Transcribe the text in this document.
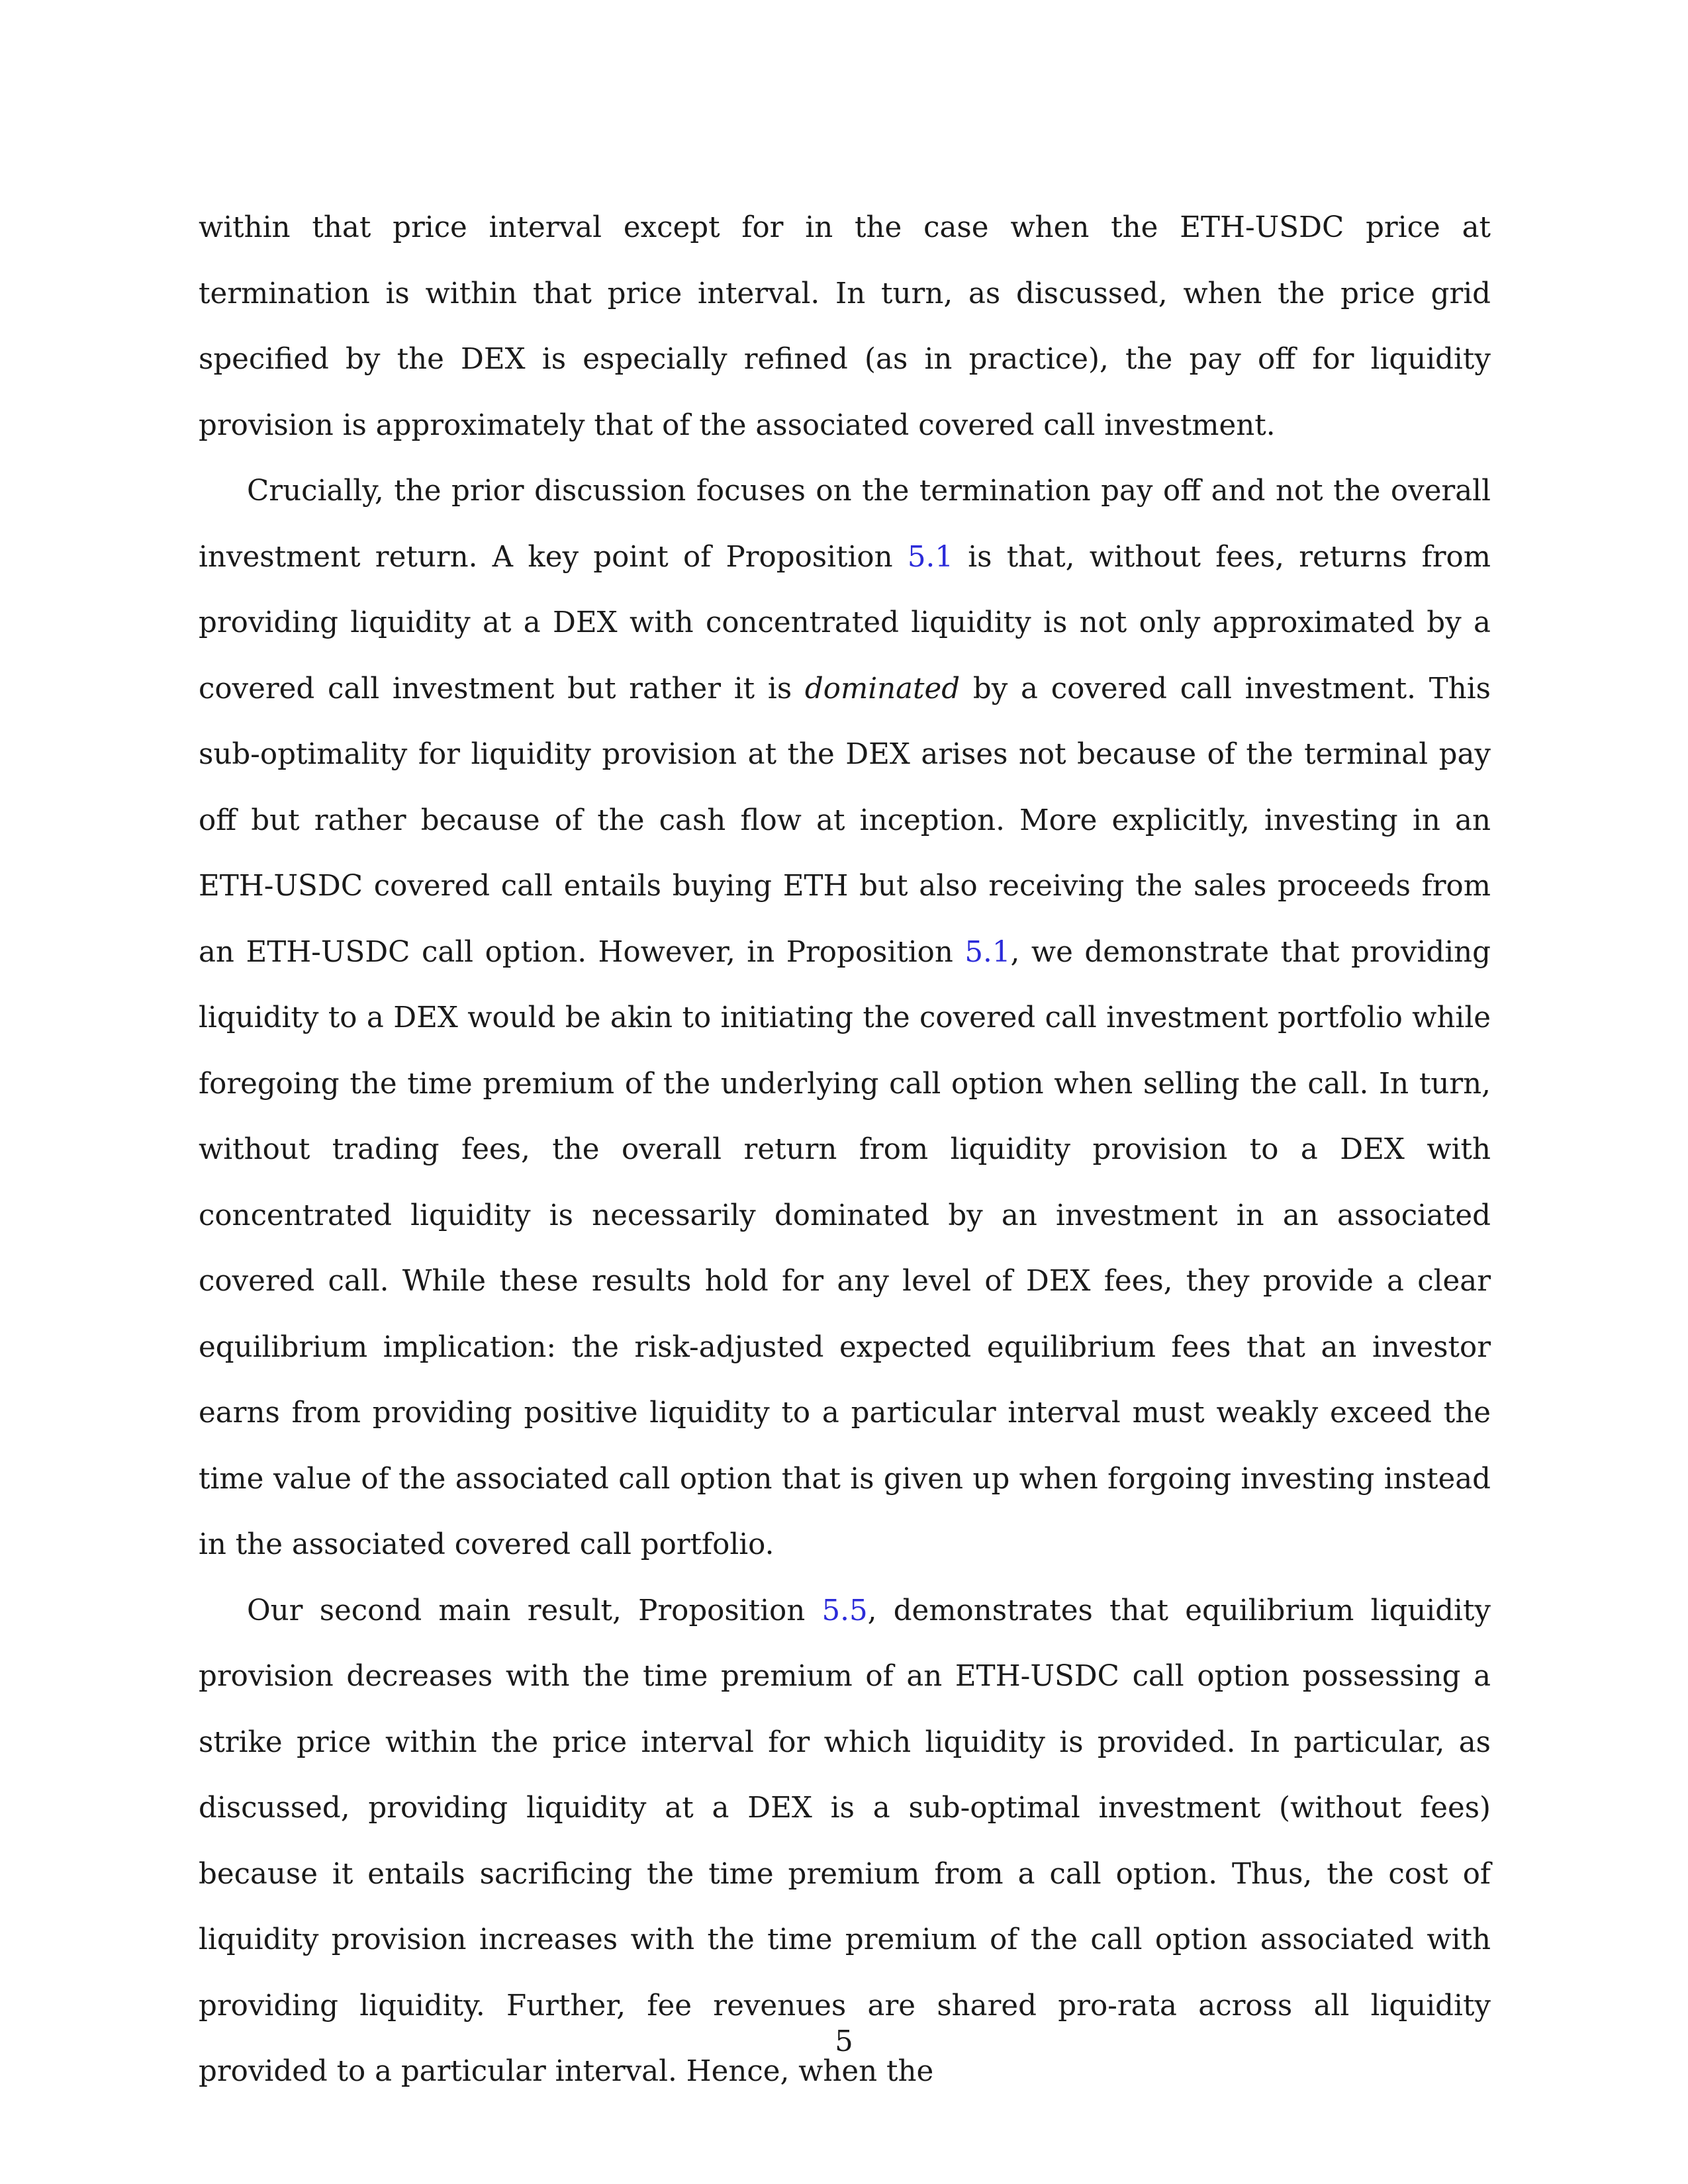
within that price interval except for in the case when the ETH-USDC price at termination is within that price interval. In turn, as discussed, when the price grid specified by the DEX is especially refined (as in practice), the pay off for liquidity provision is approximately that of the associated covered call investment.

Crucially, the prior discussion focuses on the termination pay off and not the overall investment return. A key point of Proposition 5.1 is that, without fees, returns from providing liquidity at a DEX with concentrated liquidity is not only approximated by a covered call investment but rather it is dominated by a covered call investment. This sub-optimality for liquidity provision at the DEX arises not because of the terminal pay off but rather because of the cash flow at inception. More explicitly, investing in an ETH-USDC covered call entails buying ETH but also receiving the sales proceeds from an ETH-USDC call option. However, in Proposition 5.1, we demonstrate that providing liquidity to a DEX would be akin to initiating the covered call investment portfolio while foregoing the time premium of the underlying call option when selling the call. In turn, without trading fees, the overall return from liquidity provision to a DEX with concentrated liquidity is necessarily dominated by an investment in an associated covered call. While these results hold for any level of DEX fees, they provide a clear equilibrium implication: the risk-adjusted expected equilibrium fees that an investor earns from providing positive liquidity to a particular interval must weakly exceed the time value of the associated call option that is given up when forgoing investing instead in the associated covered call portfolio.

Our second main result, Proposition 5.5, demonstrates that equilibrium liquidity provision decreases with the time premium of an ETH-USDC call option possessing a strike price within the price interval for which liquidity is provided. In particular, as discussed, providing liquidity at a DEX is a sub-optimal investment (without fees) because it entails sacrificing the time premium from a call option. Thus, the cost of liquidity provision increases with the time premium of the call option associated with providing liquidity. Further, fee revenues are shared pro-rata across all liquidity provided to a particular interval. Hence, when the

5
